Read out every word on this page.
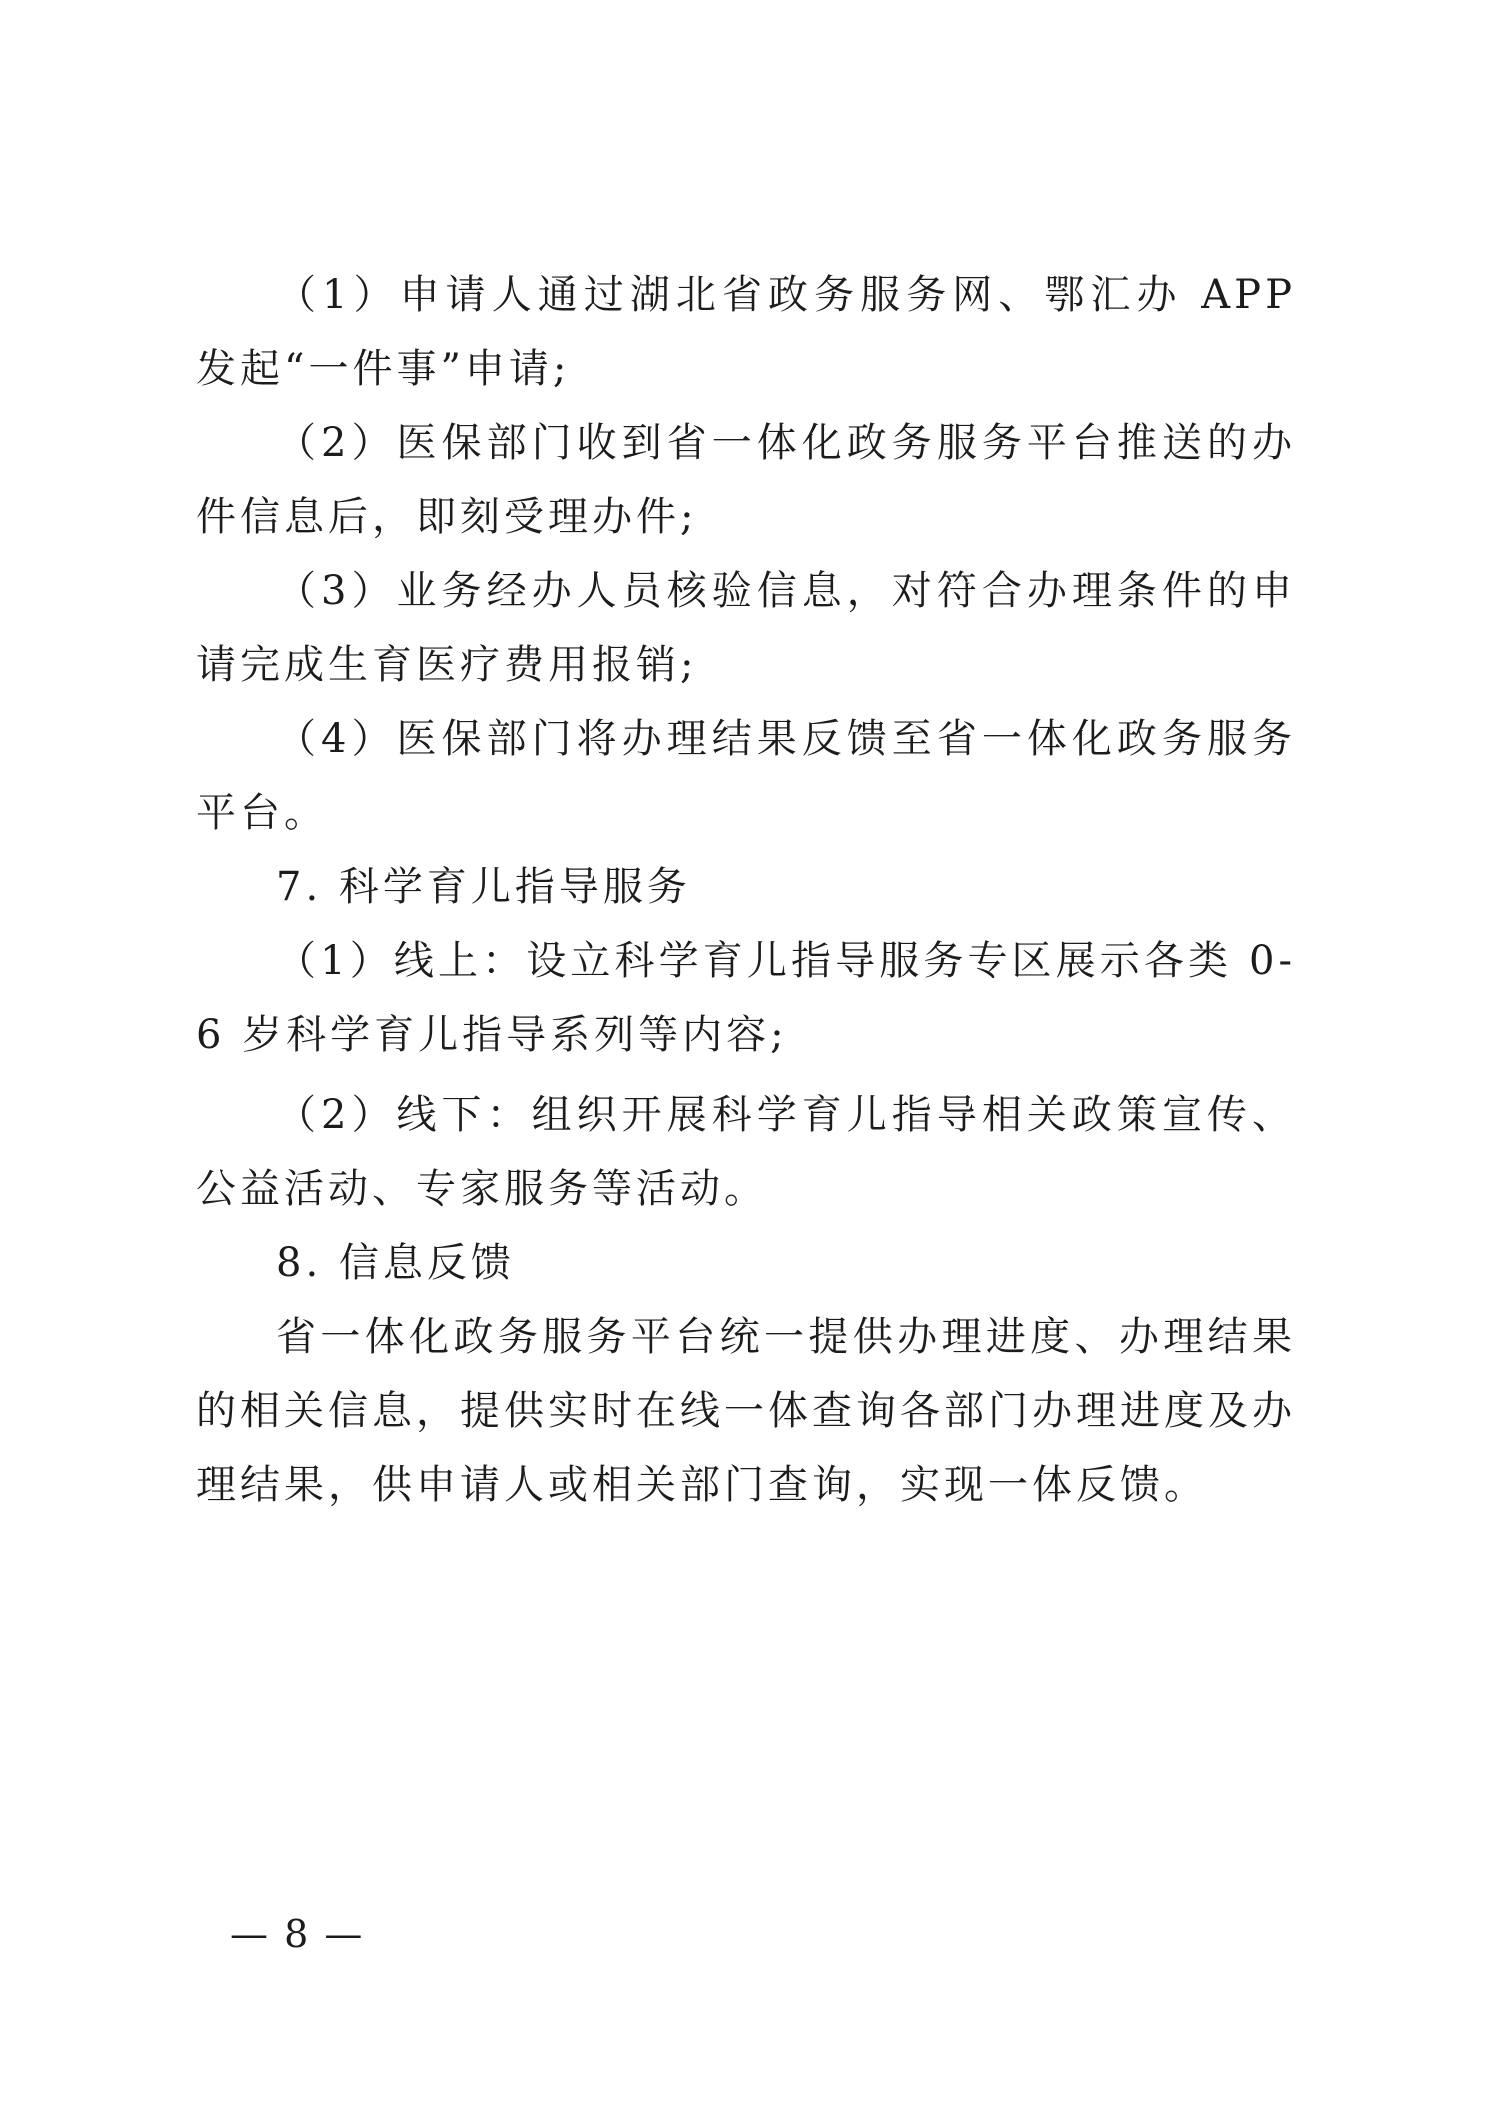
（1）申请人通过湖北省政务服务网、鄂汇办 APP 发起“一件事”申请;

（2）医保部门收到省一体化政务服务平台推送的办件信息后，即刻受理办件;

（3）业务经办人员核验信息，对符合办理条件的申请完成生育医疗费用报销;

（4）医保部门将办理结果反馈至省一体化政务服务平台。

7. 科学育儿指导服务

（1）线上：设立科学育儿指导服务专区展示各类 0-6 岁科学育儿指导系列等内容;

（2）线下：组织开展科学育儿指导相关政策宣传、公益活动、专家服务等活动。

8. 信息反馈

省一体化政务服务平台统一提供办理进度、办理结果的相关信息，提供实时在线一体查询各部门办理进度及办理结果，供申请人或相关部门查询，实现一体反馈。

— 8 —
